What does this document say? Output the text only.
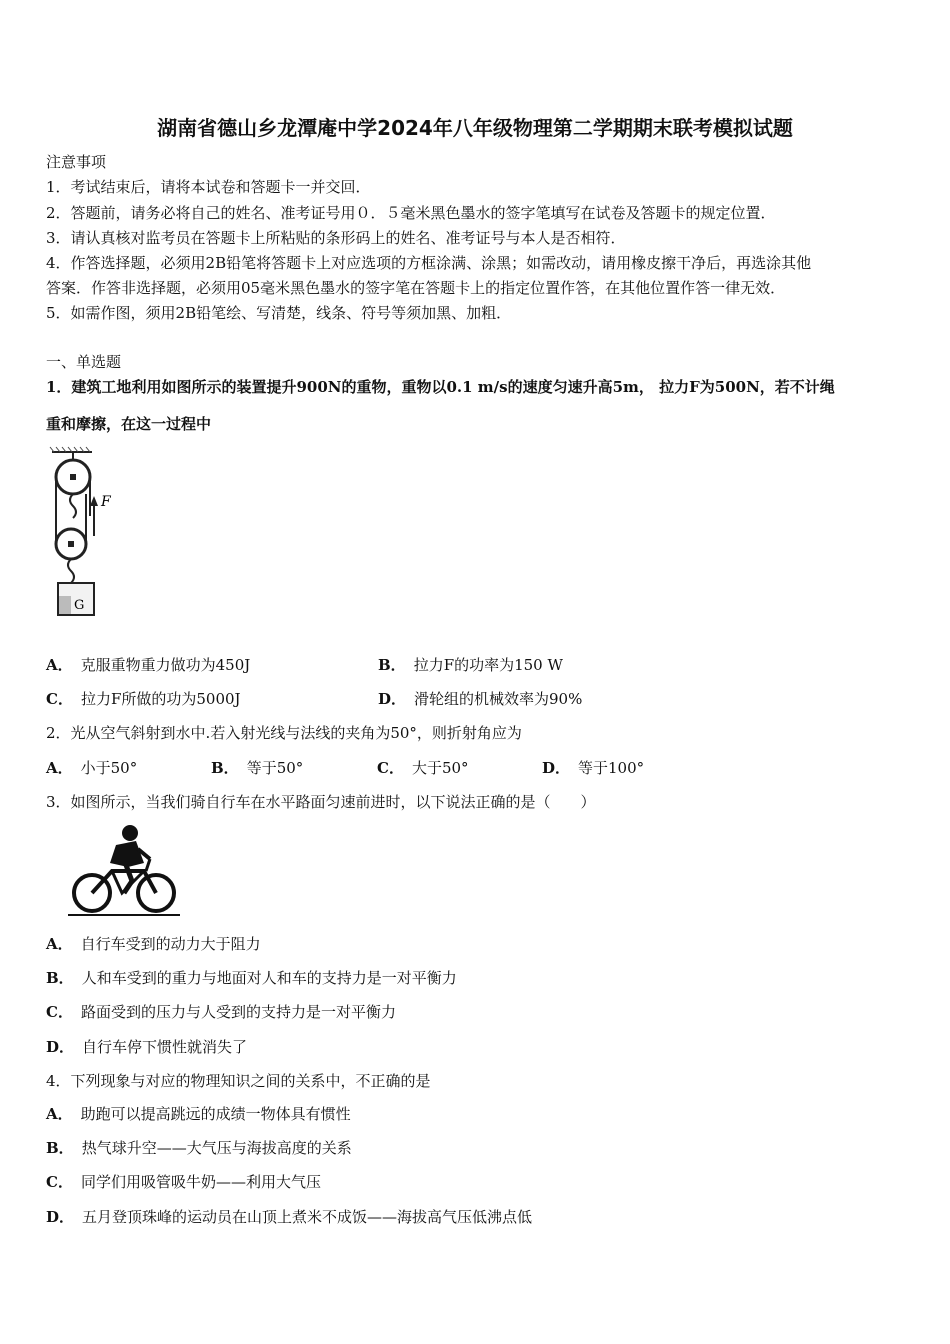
湖南省德山乡龙潭庵中学2024年八年级物理第二学期期末联考模拟试题
注意事项
1．考试结束后，请将本试卷和答题卡一并交回．
2．答题前，请务必将自己的姓名、准考证号用０．５毫米黑色墨水的签字笔填写在试卷及答题卡的规定位置．
3．请认真核对监考员在答题卡上所粘贴的条形码上的姓名、准考证号与本人是否相符．
4．作答选择题，必须用2B铅笔将答题卡上对应选项的方框涂满、涂黑；如需改动，请用橡皮擦干净后，再选涂其他
答案．作答非选择题，必须用05毫米黑色墨水的签字笔在答题卡上的指定位置作答，在其他位置作答一律无效．
5．如需作图，须用2B铅笔绘、写清楚，线条、符号等须加黑、加粗．
一、单选题
1．建筑工地利用如图所示的装置提升900N的重物，重物以0.1 m/s的速度匀速升高5m， 拉力F为500N，若不计绳
重和摩擦，在这一过程中
F
G
A． 克服重物重力做功为450J	B． 拉力F的功率为150 W
C． 拉力F所做的功为5000J	D． 滑轮组的机械效率为90%
2．光从空气斜射到水中.若入射光线与法线的夹角为50°，则折射角应为
A． 小于50°	B． 等于50°	C． 大于50°	D． 等于100°
3．如图所示，当我们骑自行车在水平路面匀速前进时，以下说法正确的是（　　）
A． 自行车受到的动力大于阻力
B． 人和车受到的重力与地面对人和车的支持力是一对平衡力
C． 路面受到的压力与人受到的支持力是一对平衡力
D． 自行车停下惯性就消失了
4．下列现象与对应的物理知识之间的关系中，不正确的是
A． 助跑可以提高跳远的成绩一物体具有惯性
B． 热气球升空——大气压与海拔高度的关系
C． 同学们用吸管吸牛奶——利用大气压
D． 五月登顶珠峰的运动员在山顶上煮米不成饭——海拔高气压低沸点低
